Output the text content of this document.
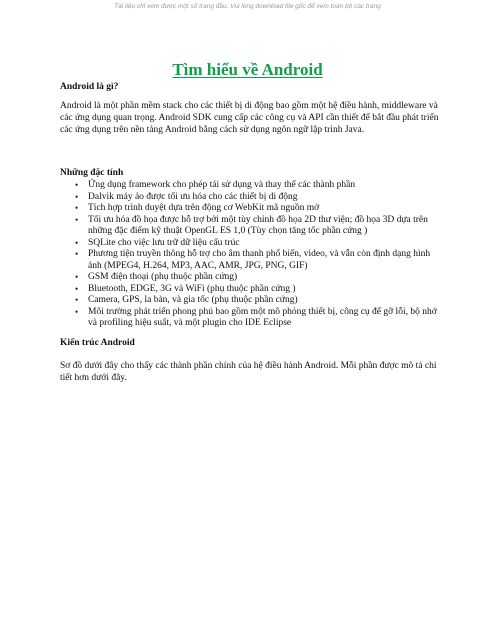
Tài liệu chỉ xem được một số trang đầu. Vui lòng download file gốc để xem toàn bộ các trang
Tìm hiểu về Android
Android là gì?
Android là một phần mềm stack cho các thiết bị di động bao gồm một hệ điều hành, middleware và các ứng dụng quan trọng. Android SDK cung cấp các công cụ và API cần thiết để bắt đầu phát triển các ứng dụng trên nền tảng Android bằng cách sử dụng ngôn ngữ lập trình Java.
Những đặc tính
• Ứng dụng framework cho phép tái sử dụng và thay thế các thành phần
• Dalvik máy ảo được tối ưu hóa cho các thiết bị di động
• Tích hợp trình duyệt dựa trên động cơ WebKit mã nguồn mở
• Tối ưu hóa đồ họa được hỗ trợ bởi một tùy chỉnh đồ họa 2D thư viện; đồ họa 3D dựa trên những đặc điểm kỹ thuật OpenGL ES 1,0 (Tùy chọn tăng tốc phần cứng )
• SQLite cho việc lưu trữ dữ liệu cấu trúc
• Phương tiện truyền thông hỗ trợ cho âm thanh phổ biến, video, và vẫn còn định dạng hình ảnh (MPEG4, H.264, MP3, AAC, AMR, JPG, PNG, GIF)
• GSM điện thoại (phụ thuộc phần cứng)
• Bluetooth, EDGE, 3G và WiFi (phụ thuộc phần cứng )
• Camera, GPS, la bàn, và gia tốc (phụ thuộc phần cứng)
• Môi trường phát triển phong phú bao gồm một mô phỏng thiết bị, công cụ để gỡ lỗi, bộ nhớ và profiling hiệu suất, và một plugin cho IDE Eclipse
Kiến trúc Android
Sơ đồ dưới đây cho thấy các thành phần chính của hệ điều hành Android. Mỗi phần được mô tả chi tiết hơn dưới đây.
